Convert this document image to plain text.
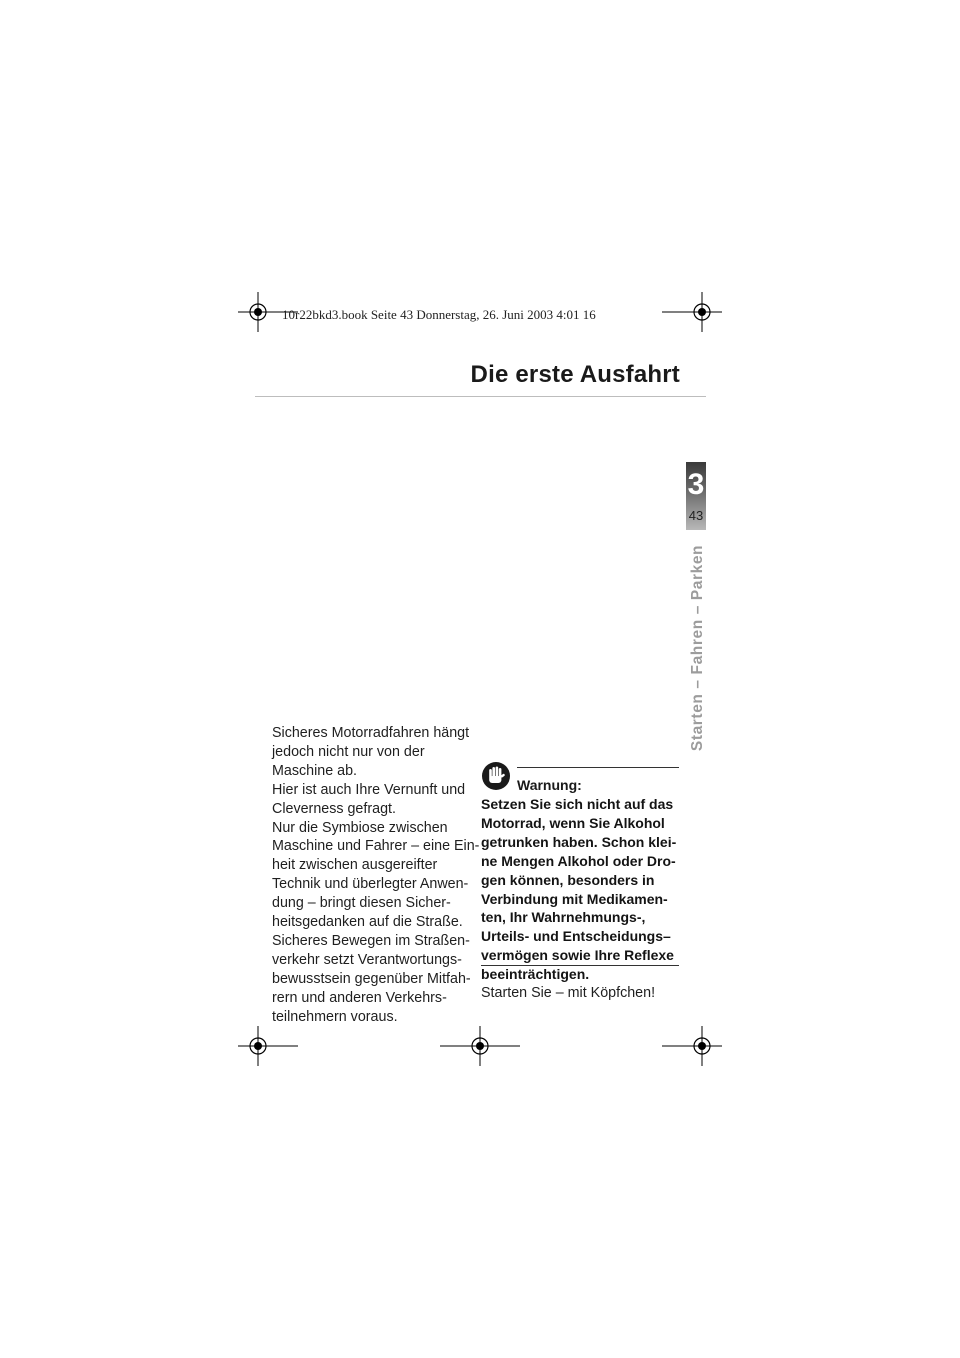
10r22bkd3.book Seite 43 Donnerstag, 26. Juni 2003 4:01 16
Die erste Ausfahrt
3
43
Starten – Fahren – Parken
Sicheres Motorradfahren hängt
jedoch nicht nur von der
Maschine ab.
Hier ist auch Ihre Vernunft und
Cleverness gefragt.
Nur die Symbiose zwischen
Maschine und Fahrer – eine Ein-
heit zwischen ausgereifter
Technik und überlegter Anwen-
dung – bringt diesen Sicher-
heitsgedanken auf die Straße.
Sicheres Bewegen im Straßen-
verkehr setzt Verantwortungs-
bewusstsein gegenüber Mitfah-
rern und anderen Verkehrs-
teilnehmern voraus.
Warnung:
Setzen Sie sich nicht auf das
Motorrad, wenn Sie Alkohol
getrunken haben. Schon klei-
ne Mengen Alkohol oder Dro-
gen können, besonders in
Verbindung mit Medikamen-
ten, Ihr Wahrnehmungs-,
Urteils- und Entscheidungs–
vermögen sowie Ihre Reflexe
beeinträchtigen.
Starten Sie – mit Köpfchen!
